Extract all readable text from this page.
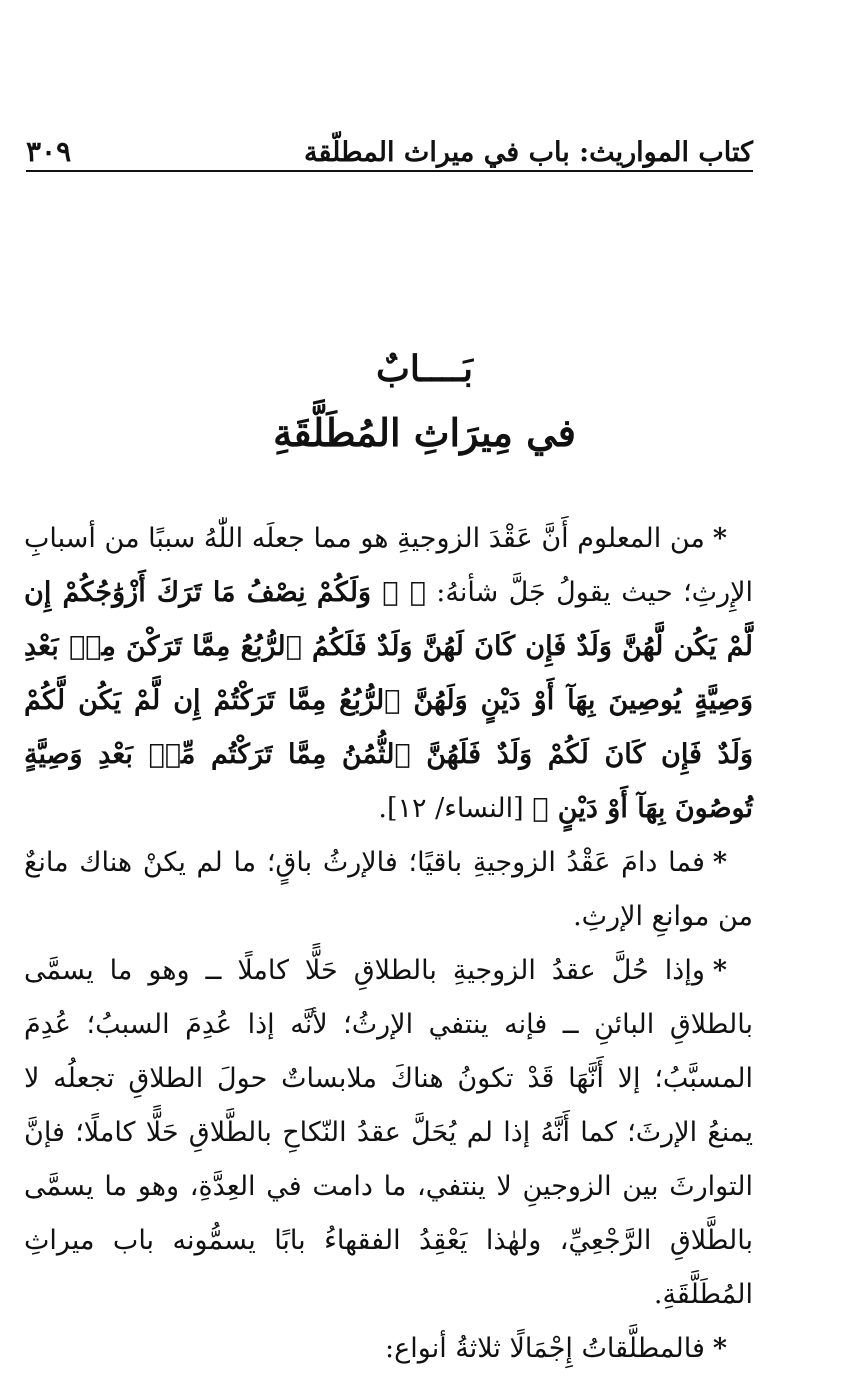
كتاب المواريث: باب في ميراث المطلّقة
٣٠٩
بَــــابٌ
في مِيرَاثِ المُطَلَّقَةِ

*من المعلوم أَنَّ عَقْدَ الزوجيةِ هو مما جعلَه اللّٰهُ سببًا من أسبابِ الإِرثِ؛ حيث يقولُ جَلَّ شأنهُ: ﴿ ۞ وَلَكُمْ نِصْفُ مَا تَرَكَ أَزْوَٰجُكُمْ إِن لَّمْ يَكُن لَّهُنَّ وَلَدٌ فَإِن كَانَ لَهُنَّ وَلَدٌ فَلَكُمُ ٱلرُّبُعُ مِمَّا تَرَكْنَ مِنۢ بَعْدِ وَصِيَّةٍ يُوصِينَ بِهَآ أَوْ دَيْنٍ وَلَهُنَّ ٱلرُّبُعُ مِمَّا تَرَكْتُمْ إِن لَّمْ يَكُن لَّكُمْ وَلَدٌ فَإِن كَانَ لَكُمْ وَلَدٌ فَلَهُنَّ ٱلثُّمُنُ مِمَّا تَرَكْتُم مِّنۢ بَعْدِ وَصِيَّةٍ تُوصُونَ بِهَآ أَوْ دَيْنٍ ﴾ [النساء/ ١٢].

*فما دامَ عَقْدُ الزوجيةِ باقيًا؛ فالإرثُ باقٍ؛ ما لم يكنْ هناك مانعٌ من موانعِ الإرثِ.

*وإذا حُلَّ عقدُ الزوجيةِ بالطلاقِ حَلًّا كاملًا ــ وهو ما يسمَّى بالطلاقِ البائنِ ــ فإنه ينتفي الإرثُ؛ لأنَّه إذا عُدِمَ السببُ؛ عُدِمَ المسبَّبُ؛ إلا أَنَّهَا قَدْ تكونُ هناكَ ملابساتٌ حولَ الطلاقِ تجعلُه لا يمنعُ الإرثَ؛ كما أَنَّهُ إذا لم يُحَلَّ عقدُ النّكاحِ بالطَّلاقِ حَلًّا كاملًا؛ فإنَّ التوارثَ بين الزوجينِ لا ينتفي، ما دامت في العِدَّةِ، وهو ما يسمَّى بالطَّلاقِ الرَّجْعِيِّ، ولهٰذا يَعْقِدُ الفقهاءُ بابًا يسمُّونه باب ميراثِ المُطَلَّقَةِ.

*فالمطلَّقاتُ إِجْمَالًا ثلاثةُ أنواع:
